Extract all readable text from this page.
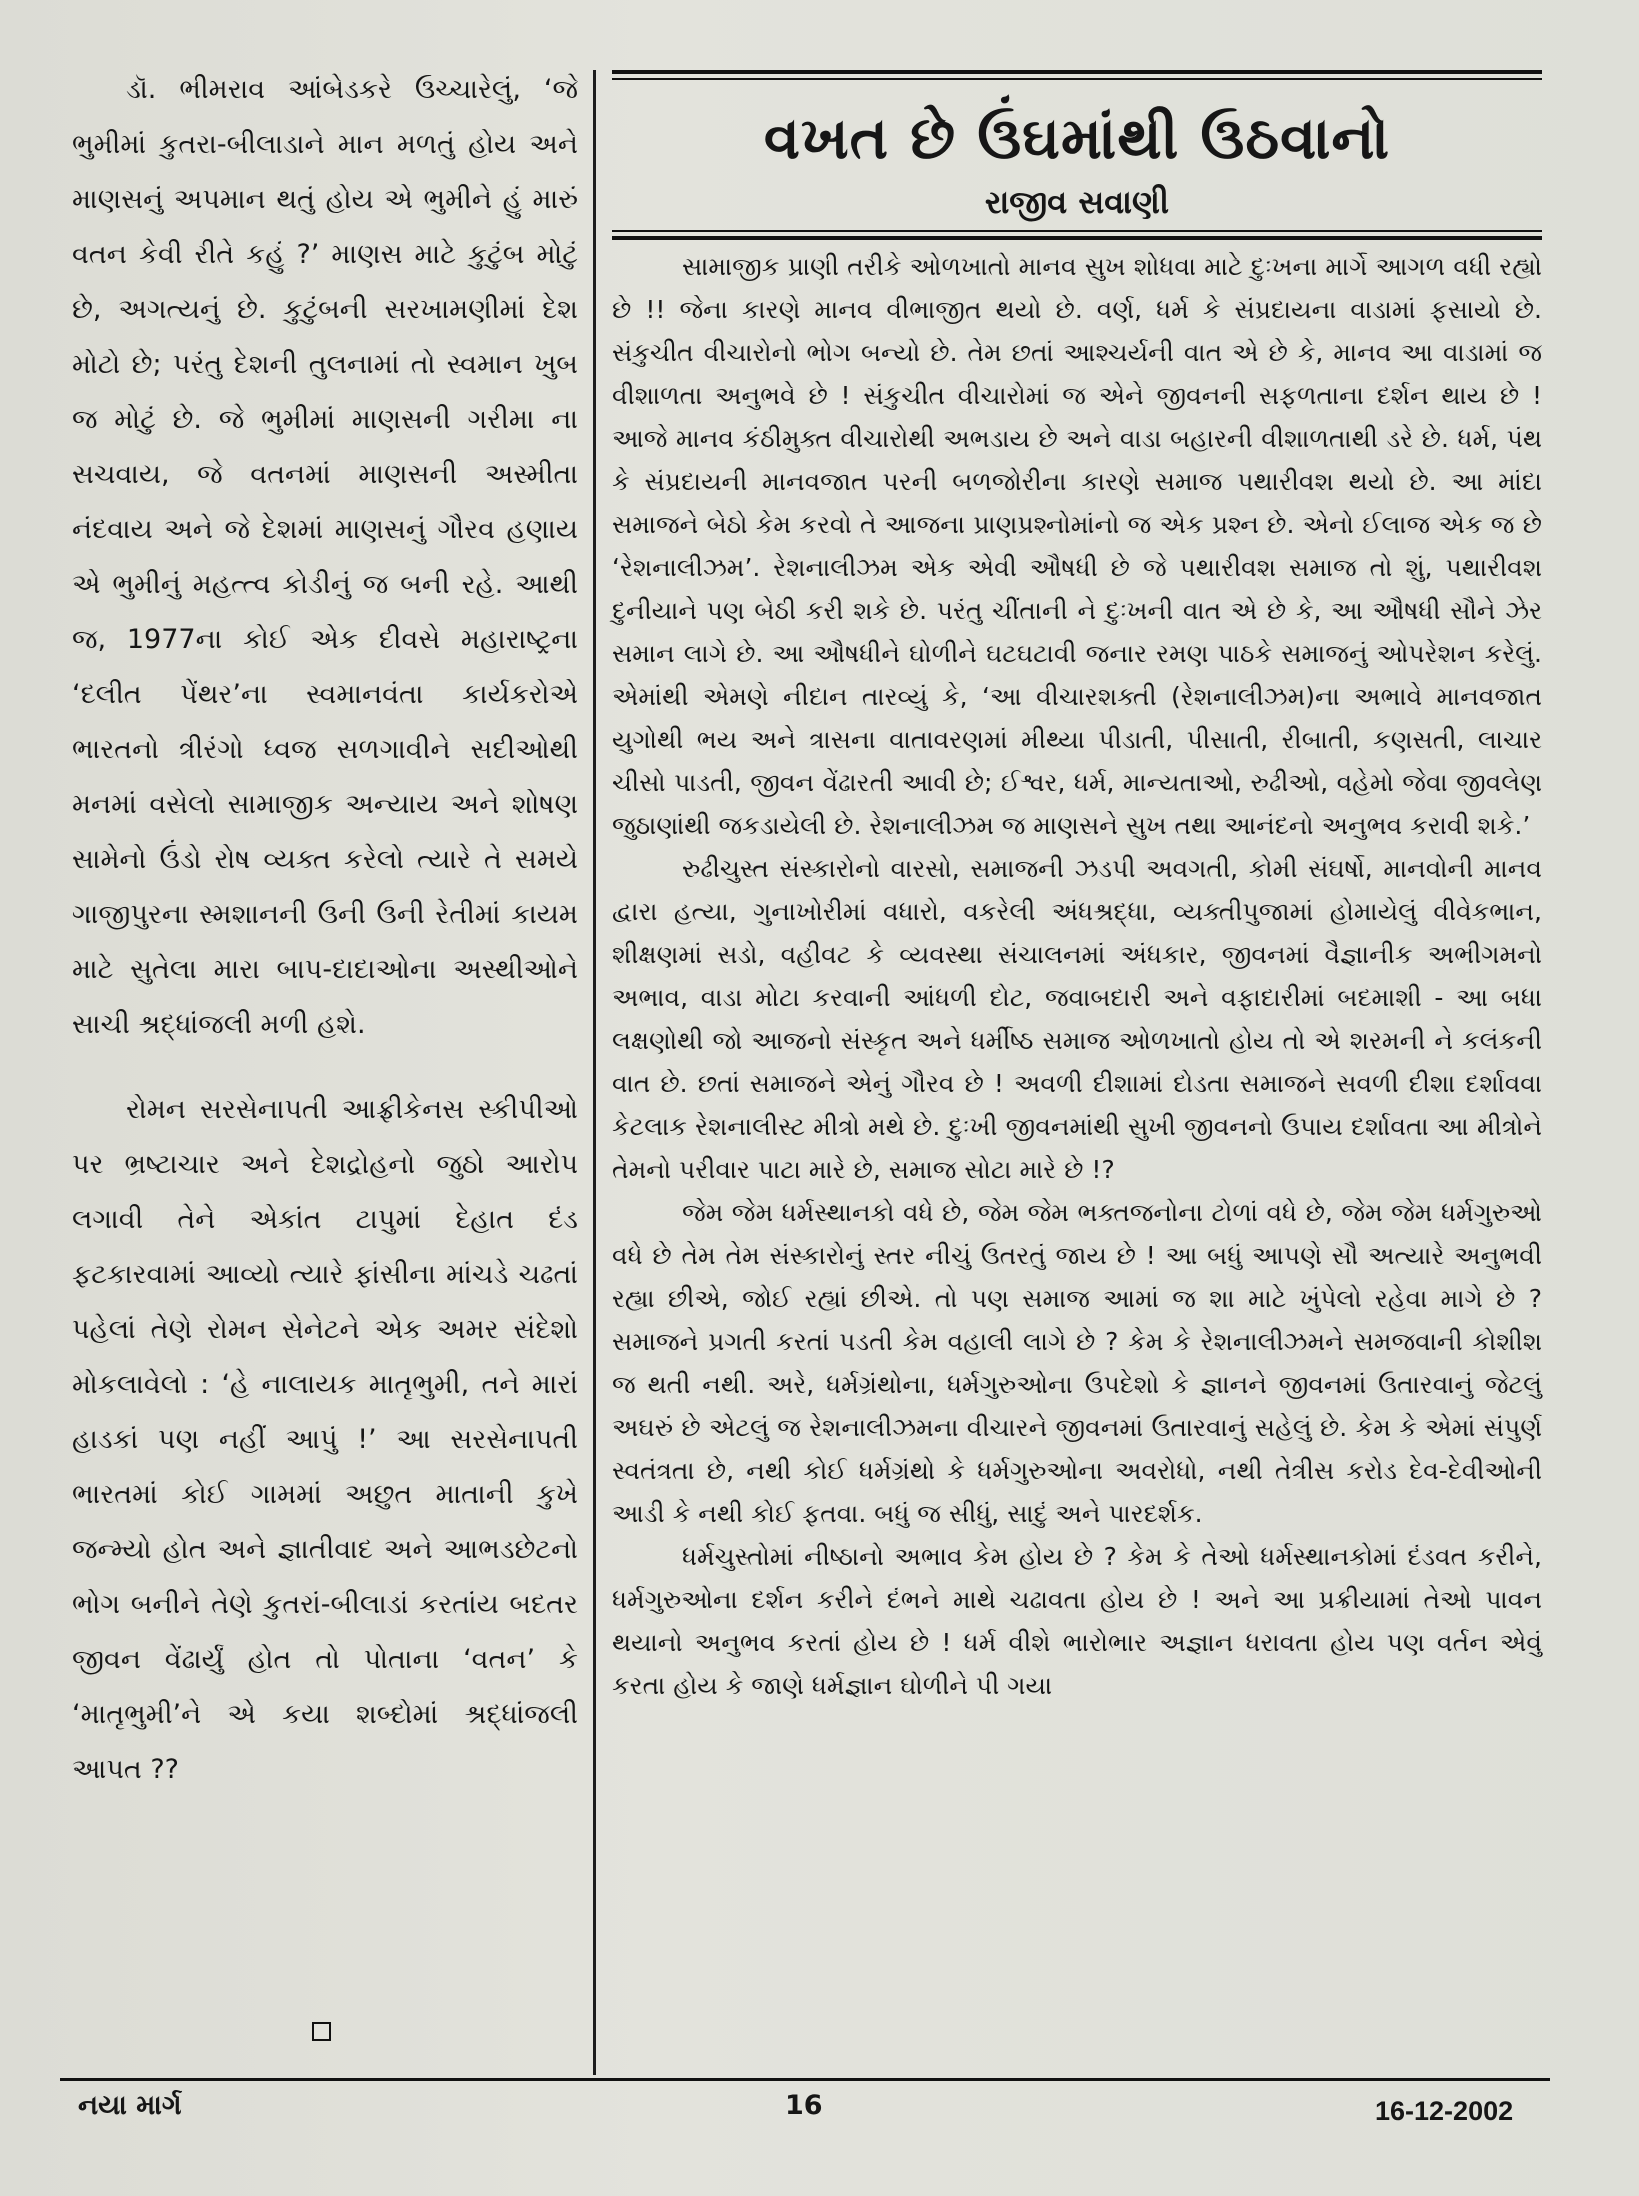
ડૉ. ભીમરાવ આંબેડકરે ઉચ્ચારેલું, ‘જે ભુમીમાં કુતરા-બીલાડાને માન મળતું હોય અને માણસનું અપમાન થતું હોય એ ભુમીને હું મારું વતન કેવી રીતે કહું ?’ માણસ માટે કુટુંબ મોટું છે, અગત્યનું છે. કુટુંબની સરખામણીમાં દેશ મોટો છે; પરંતુ દેશની તુલનામાં તો સ્વમાન ખુબ જ મોટું છે. જે ભુમીમાં માણસની ગરીમા ના સચવાય, જે વતનમાં માણસની અસ્મીતા નંદવાય અને જે દેશમાં માણસનું ગૌરવ હણાય એ ભુમીનું મહત્ત્વ કોડીનું જ બની રહે. આથી જ, 1977ના કોઈ એક દીવસે મહારાષ્ટ્રના ‘દલીત પેંથર’ના સ્વમાનવંતા કાર્યકરોએ ભારતનો ત્રીરંગો ધ્વજ સળગાવીને સદીઓથી મનમાં વસેલો સામાજીક અન્યાય અને શોષણ સામેનો ઉંડો રોષ વ્યક્ત કરેલો ત્યારે તે સમયે ગાજીપુરના સ્મશાનની ઉની ઉની રેતીમાં કાયમ માટે સુતેલા મારા બાપ-દાદાઓના અસ્થીઓને સાચી શ્રદ્ધાંજલી મળી હશે.

રોમન સરસેનાપતી આફ્રીકેનસ સ્કીપીઓ પર ભ્રષ્ટાચાર અને દેશદ્રોહનો જુઠો આરોપ લગાવી તેને એકાંત ટાપુમાં દેહાત દંડ ફટકારવામાં આવ્યો ત્યારે ફાંસીના માંચડે ચઢતાં પહેલાં તેણે રોમન સેનેટને એક અમર સંદેશો મોકલાવેલો : ‘હે નાલાયક માતૃભુમી, તને મારાં હાડકાં પણ નહીં આપું !’ આ સરસેનાપતી ભારતમાં કોઈ ગામમાં અછુત માતાની કુખે જન્મ્યો હોત અને જ્ઞાતીવાદ અને આભડછેટનો ભોગ બનીને તેણે કુતરાં-બીલાડાં કરતાંય બદતર જીવન વેંઢાર્યું હોત તો પોતાના ‘વતન’ કે ‘માતૃભુમી’ને એ કયા શબ્દોમાં શ્રદ્ધાંજલી આપત ??

વખત છે ઉંઘમાંથી ઉઠવાનો
રાજીવ સવાણી

સામાજીક પ્રાણી તરીકે ઓળખાતો માનવ સુખ શોધવા માટે દુઃખના માર્ગે આગળ વધી રહ્યો છે !! જેના કારણે માનવ વીભાજીત થયો છે. વર્ણ, ધર્મ કે સંપ્રદાયના વાડામાં ફસાયો છે. સંકુચીત વીચારોનો ભોગ બન્યો છે. તેમ છતાં આશ્ચર્યની વાત એ છે કે, માનવ આ વાડામાં જ વીશાળતા અનુભવે છે ! સંકુચીત વીચારોમાં જ એને જીવનની સફળતાના દર્શન થાય છે ! આજે માનવ કંઠીમુક્ત વીચારોથી અભડાય છે અને વાડા બહારની વીશાળતાથી ડરે છે. ધર્મ, પંથ કે સંપ્રદાયની માનવજાત પરની બળજોરીના કારણે સમાજ પથારીવશ થયો છે. આ માંદા સમાજને બેઠો કેમ કરવો તે આજના પ્રાણપ્રશ્નોમાંનો જ એક પ્રશ્ન છે. એનો ઈલાજ એક જ છે ‘રેશનાલીઝમ’. રેશનાલીઝમ એક એવી ઔષધી છે જે પથારીવશ સમાજ તો શું, પથારીવશ દુનીયાને પણ બેઠી કરી શકે છે. પરંતુ ચીંતાની ને દુઃખની વાત એ છે કે, આ ઔષધી સૌને ઝેર સમાન લાગે છે. આ ઔષધીને ઘોળીને ઘટઘટાવી જનાર રમણ પાઠકે સમાજનું ઓપરેશન કરેલું. એમાંથી એમણે નીદાન તારવ્યું કે, ‘આ વીચારશક્તી (રેશનાલીઝમ)ના અભાવે માનવજાત યુગોથી ભય અને ત્રાસના વાતાવરણમાં મીથ્યા પીડાતી, પીસાતી, રીબાતી, કણસતી, લાચાર ચીસો પાડતી, જીવન વેંઢારતી આવી છે; ઈશ્વર, ધર્મ, માન્યતાઓ, રુઢીઓ, વહેમો જેવા જીવલેણ જુઠાણાંથી જકડાયેલી છે. રેશનાલીઝમ જ માણસને સુખ તથા આનંદનો અનુભવ કરાવી શકે.’

રુઢીચુસ્ત સંસ્કારોનો વારસો, સમાજની ઝડપી અવગતી, કોમી સંઘર્ષો, માનવોની માનવ દ્વારા હત્યા, ગુનાખોરીમાં વધારો, વકરેલી અંધશ્રદ્ધા, વ્યક્તીપુજામાં હોમાયેલું વીવેકભાન, શીક્ષણમાં સડો, વહીવટ કે વ્યવસ્થા સંચાલનમાં અંધકાર, જીવનમાં વૈજ્ઞાનીક અભીગમનો અભાવ, વાડા મોટા કરવાની આંધળી દોટ, જવાબદારી અને વફાદારીમાં બદમાશી - આ બધા લક્ષણોથી જો આજનો સંસ્કૃત અને ધર્મીષ્ઠ સમાજ ઓળખાતો હોય તો એ શરમની ને કલંકની વાત છે. છતાં સમાજને એનું ગૌરવ છે ! અવળી દીશામાં દોડતા સમાજને સવળી દીશા દર્શાવવા કેટલાક રેશનાલીસ્ટ મીત્રો મથે છે. દુઃખી જીવનમાંથી સુખી જીવનનો ઉપાય દર્શાવતા આ મીત્રોને તેમનો પરીવાર પાટા મારે છે, સમાજ સોટા મારે છે !?

જેમ જેમ ધર્મસ્થાનકો વધે છે, જેમ જેમ ભક્તજનોના ટોળાં વધે છે, જેમ જેમ ધર્મગુરુઓ વધે છે તેમ તેમ સંસ્કારોનું સ્તર નીચું ઉતરતું જાય છે ! આ બધું આપણે સૌ અત્યારે અનુભવી રહ્યા છીએ, જોઈ રહ્યાં છીએ. તો પણ સમાજ આમાં જ શા માટે ખુંપેલો રહેવા માગે છે ? સમાજને પ્રગતી કરતાં પડતી કેમ વહાલી લાગે છે ? કેમ કે રેશનાલીઝમને સમજવાની કોશીશ જ થતી નથી. અરે, ધર્મગ્રંથોના, ધર્મગુરુઓના ઉપદેશો કે જ્ઞાનને જીવનમાં ઉતારવાનું જેટલું અઘરું છે એટલું જ રેશનાલીઝમના વીચારને જીવનમાં ઉતારવાનું સહેલું છે. કેમ કે એમાં સંપુર્ણ સ્વતંત્રતા છે, નથી કોઈ ધર્મગ્રંથો કે ધર્મગુરુઓના અવરોધો, નથી તેત્રીસ કરોડ દેવ-દેવીઓની આડી કે નથી કોઈ ફતવા. બધું જ સીધું, સાદું અને પારદર્શક.

ધર્મચુસ્તોમાં નીષ્ઠાનો અભાવ કેમ હોય છે ? કેમ કે તેઓ ધર્મસ્થાનકોમાં દંડવત કરીને, ધર્મગુરુઓના દર્શન કરીને દંભને માથે ચઢાવતા હોય છે ! અને આ પ્રક્રીયામાં તેઓ પાવન થયાનો અનુભવ કરતાં હોય છે ! ધર્મ વીશે ભારોભાર અજ્ઞાન ધરાવતા હોય પણ વર્તન એવું કરતા હોય કે જાણે ધર્મજ્ઞાન ઘોળીને પી ગયા

નયા માર્ગ	16	16-12-2002
